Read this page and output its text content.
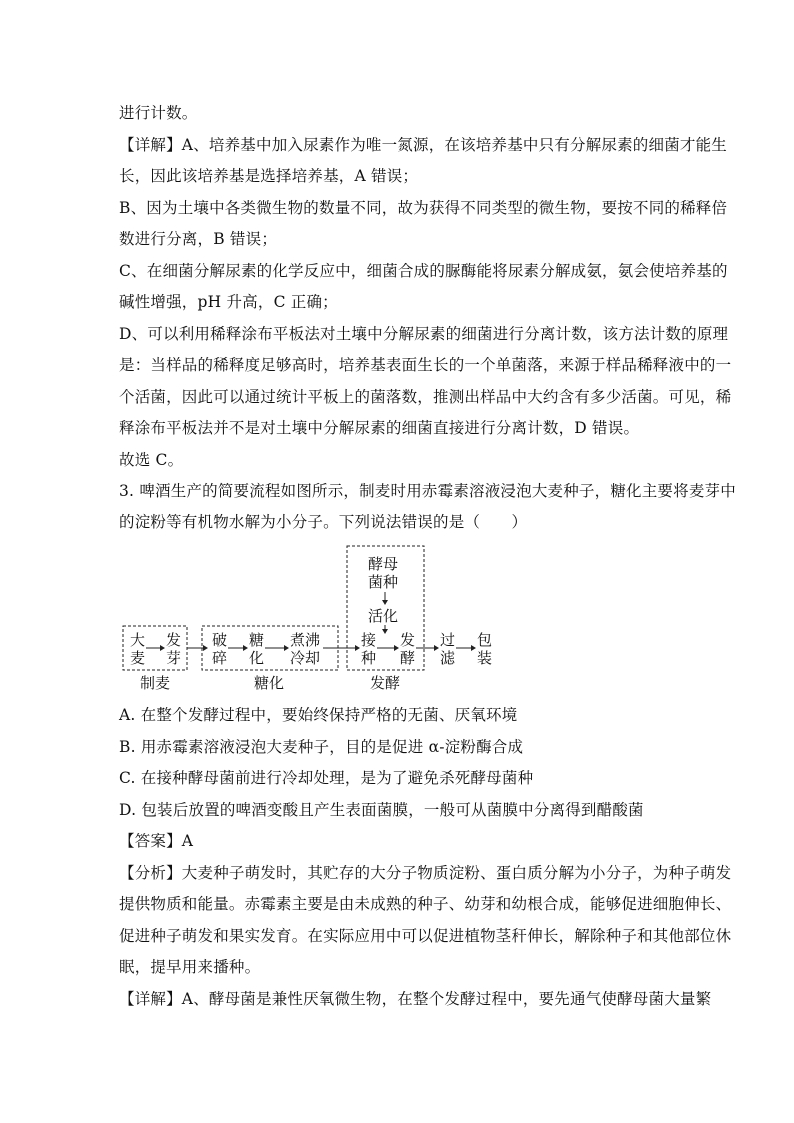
进行计数。
【详解】A、培养基中加入尿素作为唯一氮源，在该培养基中只有分解尿素的细菌才能生
长，因此该培养基是选择培养基，A 错误；
B、因为土壤中各类微生物的数量不同，故为获得不同类型的微生物，要按不同的稀释倍
数进行分离，B 错误；
C、在细菌分解尿素的化学反应中，细菌合成的脲酶能将尿素分解成氨，氨会使培养基的
碱性增强，pH 升高，C 正确；
D、可以利用稀释涂布平板法对土壤中分解尿素的细菌进行分离计数，该方法计数的原理
是：当样品的稀释度足够高时，培养基表面生长的一个单菌落，来源于样品稀释液中的一
个活菌，因此可以通过统计平板上的菌落数，推测出样品中大约含有多少活菌。可见，稀
释涂布平板法并不是对土壤中分解尿素的细菌直接进行分离计数，D 错误。
故选 C。
3. 啤酒生产的简要流程如图所示，制麦时用赤霉素溶液浸泡大麦种子，糖化主要将麦芽中
的淀粉等有机物水解为小分子。下列说法错误的是（　　）
酵母
菌种
活化
大
麦
发
芽
破
碎
糖
化
煮沸
冷却
接
种
发
酵
过
滤
包
装
制麦	糖化	发酵
A. 在整个发酵过程中，要始终保持严格的无菌、厌氧环境
B. 用赤霉素溶液浸泡大麦种子，目的是促进 α-淀粉酶合成
C. 在接种酵母菌前进行冷却处理，是为了避免杀死酵母菌种
D. 包装后放置的啤酒变酸且产生表面菌膜，一般可从菌膜中分离得到醋酸菌
【答案】A
【分析】大麦种子萌发时，其贮存的大分子物质淀粉、蛋白质分解为小分子，为种子萌发
提供物质和能量。赤霉素主要是由未成熟的种子、幼芽和幼根合成，能够促进细胞伸长、
促进种子萌发和果实发育。在实际应用中可以促进植物茎秆伸长，解除种子和其他部位休
眠，提早用来播种。
【详解】A、酵母菌是兼性厌氧微生物，在整个发酵过程中，要先通气使酵母菌大量繁
